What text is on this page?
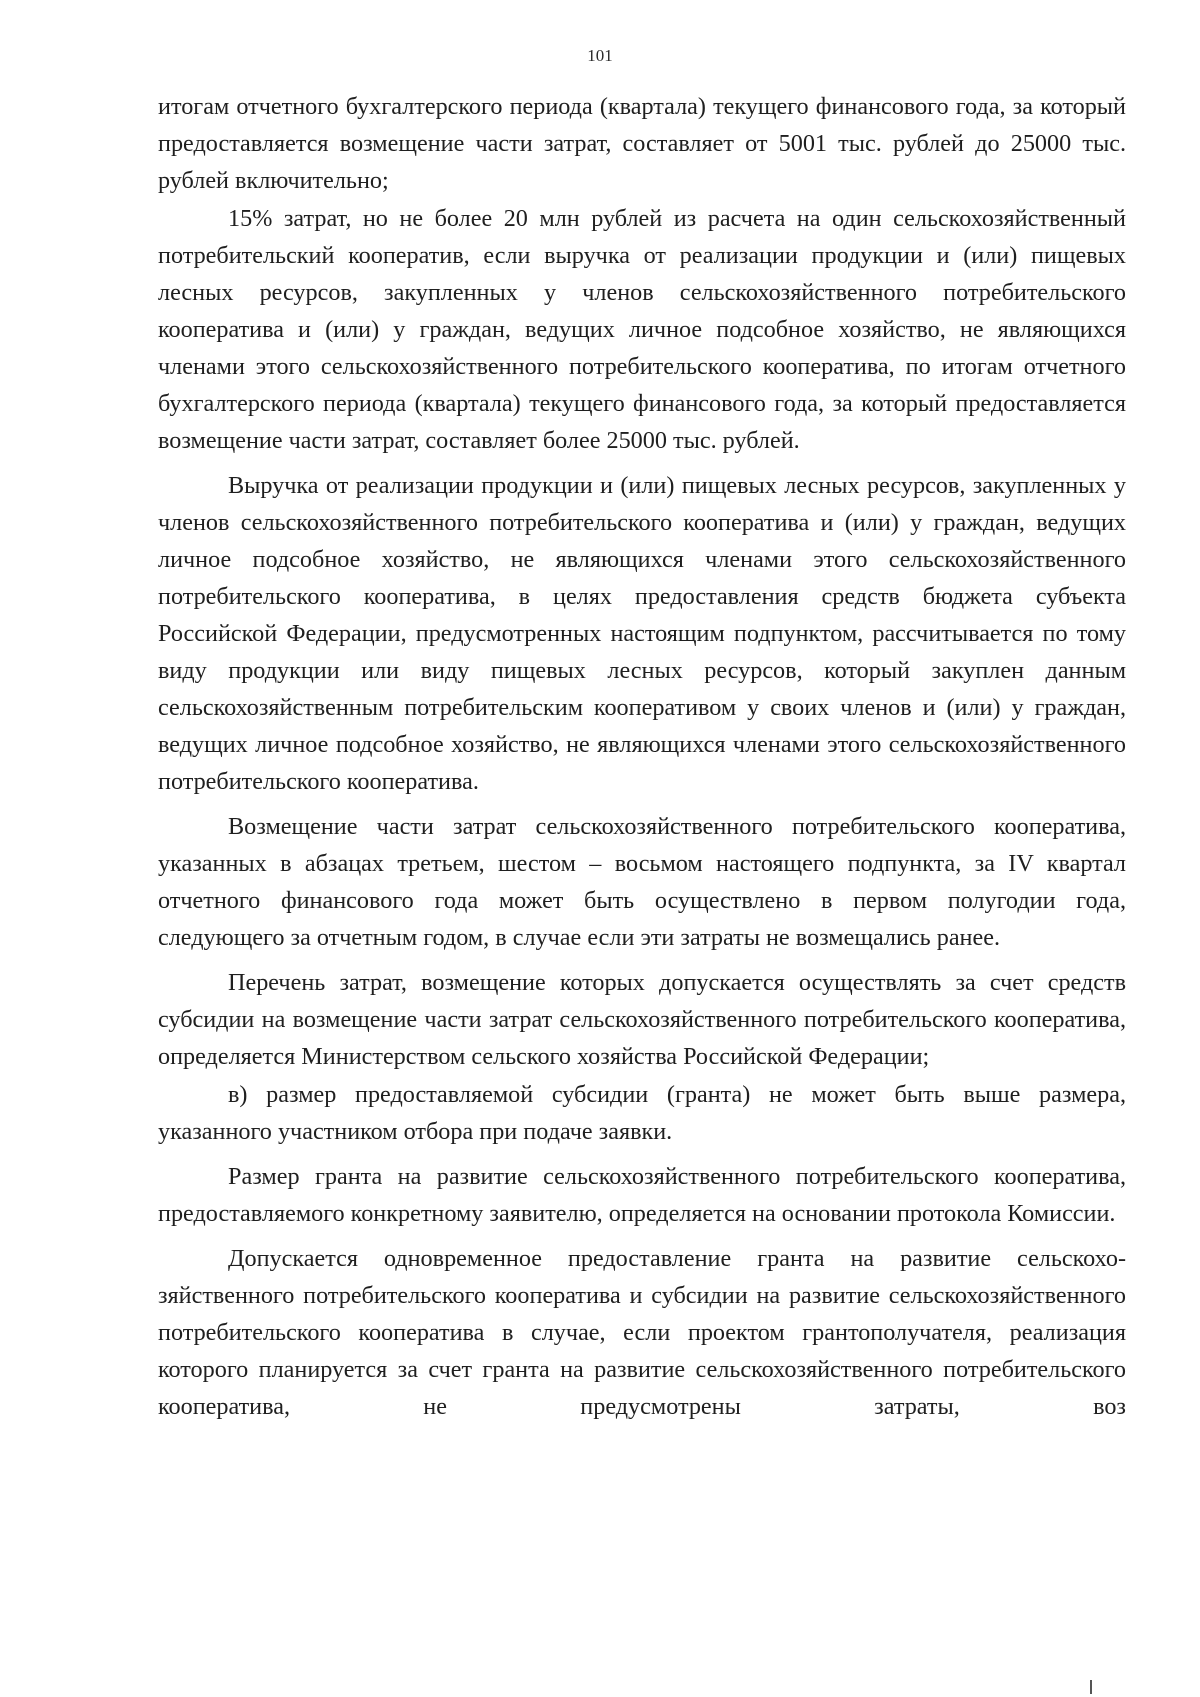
101

итогам отчетного бухгалтерского периода (квартала) текущего финансового года, за который предоставляется возмещение части затрат, составляет от 5001 тыс. рублей до 25000 тыс. рублей включительно;

15% затрат, но не более 20 млн рублей из расчета на один сельскохозяйственный потребительский кооператив, если выручка от реализации продукции и (или) пищевых лесных ресурсов, закупленных у членов сельскохозяйственного потребительского кооператива и (или) у граждан, ведущих личное подсобное хозяйство, не являющихся членами этого сельскохозяйственного потребительского кооператива, по итогам отчетного бухгалтерского периода (квартала) текущего финансового года, за который предоставляется возмещение части затрат, составляет более 25000 тыс. рублей.

Выручка от реализации продукции и (или) пищевых лесных ресурсов, закупленных у членов сельскохозяйственного потребительского кооператива и (или) у граждан, ведущих личное подсобное хозяйство, не являющихся членами этого сельскохозяйственного потребительского кооператива, в целях предоставления средств бюджета субъекта Российской Федерации, предусмотренных настоящим подпунктом, рассчитывается по тому виду продукции или виду пищевых лесных ресурсов, который закуплен данным сельскохозяйственным потребительским кооперативом у своих членов и (или) у граждан, ведущих личное подсобное хозяйство, не являющихся членами этого сельскохозяйственного потребительского кооператива.

Возмещение части затрат сельскохозяйственного потребительского кооператива, указанных в абзацах третьем, шестом – восьмом настоящего подпункта, за IV квартал отчетного финансового года может быть осуществлено в первом полугодии года, следующего за отчетным годом, в случае если эти затраты не возмещались ранее.

Перечень затрат, возмещение которых допускается осуществлять за счет средств субсидии на возмещение части затрат сельскохозяйственного потребительского кооператива, определяется Министерством сельского хозяйства Российской Федерации;

в) размер предоставляемой субсидии (гранта) не может быть выше размера, указанного участником отбора при подаче заявки.

Размер гранта на развитие сельскохозяйственного потребительского кооператива, предоставляемого конкретному заявителю, определяется на основании протокола Комиссии.

Допускается одновременное предоставление гранта на развитие сельскохозяйственного потребительского кооператива и субсидии на развитие сельскохозяйственного потребительского кооператива в случае, если проектом грантополучателя, реализация которого планируется за счет гранта на развитие сельскохозяйственного потребительского кооператива, не предусмотрены затраты, воз
